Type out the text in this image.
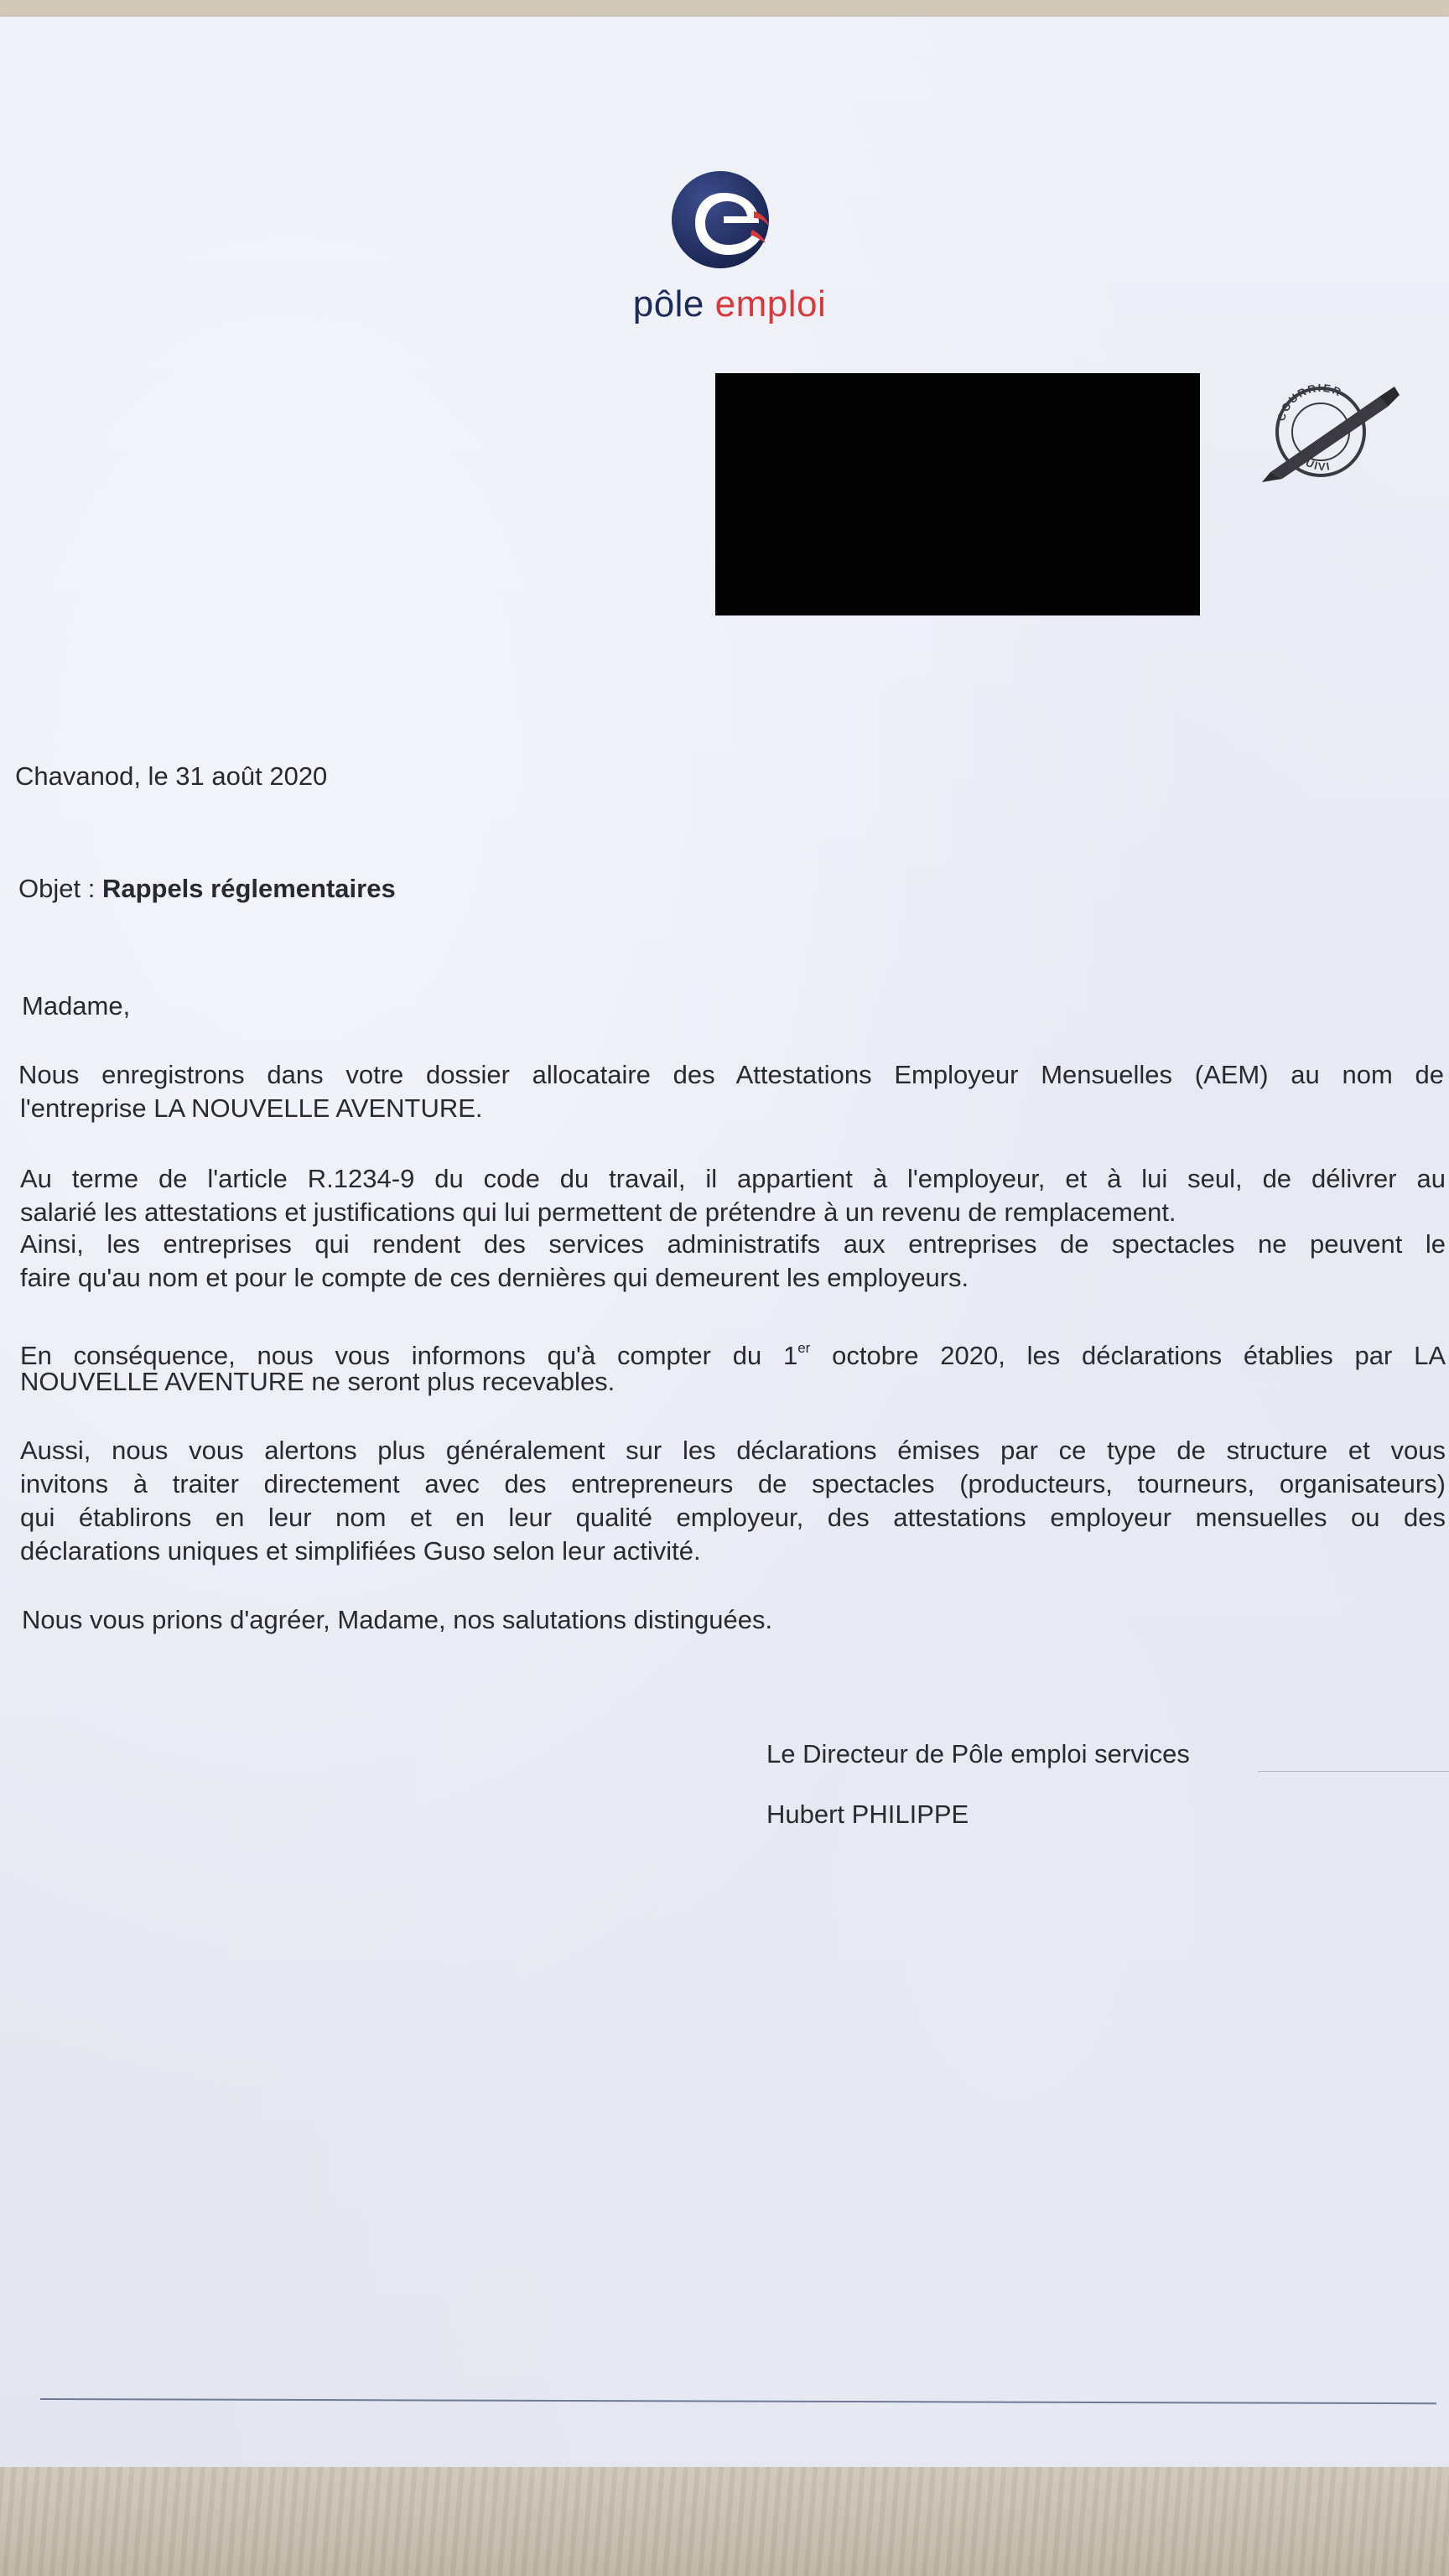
pôle emploi
COURRIER
SUIVI
Chavanod, le 31 août 2020
Objet : Rappels réglementaires
Madame,
Nous enregistrons dans votre dossier allocataire des Attestations Employeur Mensuelles (AEM) au nom de
l'entreprise LA NOUVELLE AVENTURE.
Au terme de l'article R.1234-9 du code du travail, il appartient à l'employeur, et à lui seul, de délivrer au
salarié les attestations et justifications qui lui permettent de prétendre à un revenu de remplacement.
Ainsi, les entreprises qui rendent des services administratifs aux entreprises de spectacles ne peuvent le
faire qu'au nom et pour le compte de ces dernières qui demeurent les employeurs.
En conséquence, nous vous informons qu'à compter du 1er octobre 2020, les déclarations établies par LA
NOUVELLE AVENTURE ne seront plus recevables.
Aussi, nous vous alertons plus généralement sur les déclarations émises par ce type de structure et vous
invitons à traiter directement avec des entrepreneurs de spectacles (producteurs, tourneurs, organisateurs)
qui établirons en leur nom et en leur qualité employeur, des attestations employeur mensuelles ou des
déclarations uniques et simplifiées Guso selon leur activité.
Nous vous prions d'agréer, Madame, nos salutations distinguées.
Le Directeur de Pôle emploi services
Hubert PHILIPPE
